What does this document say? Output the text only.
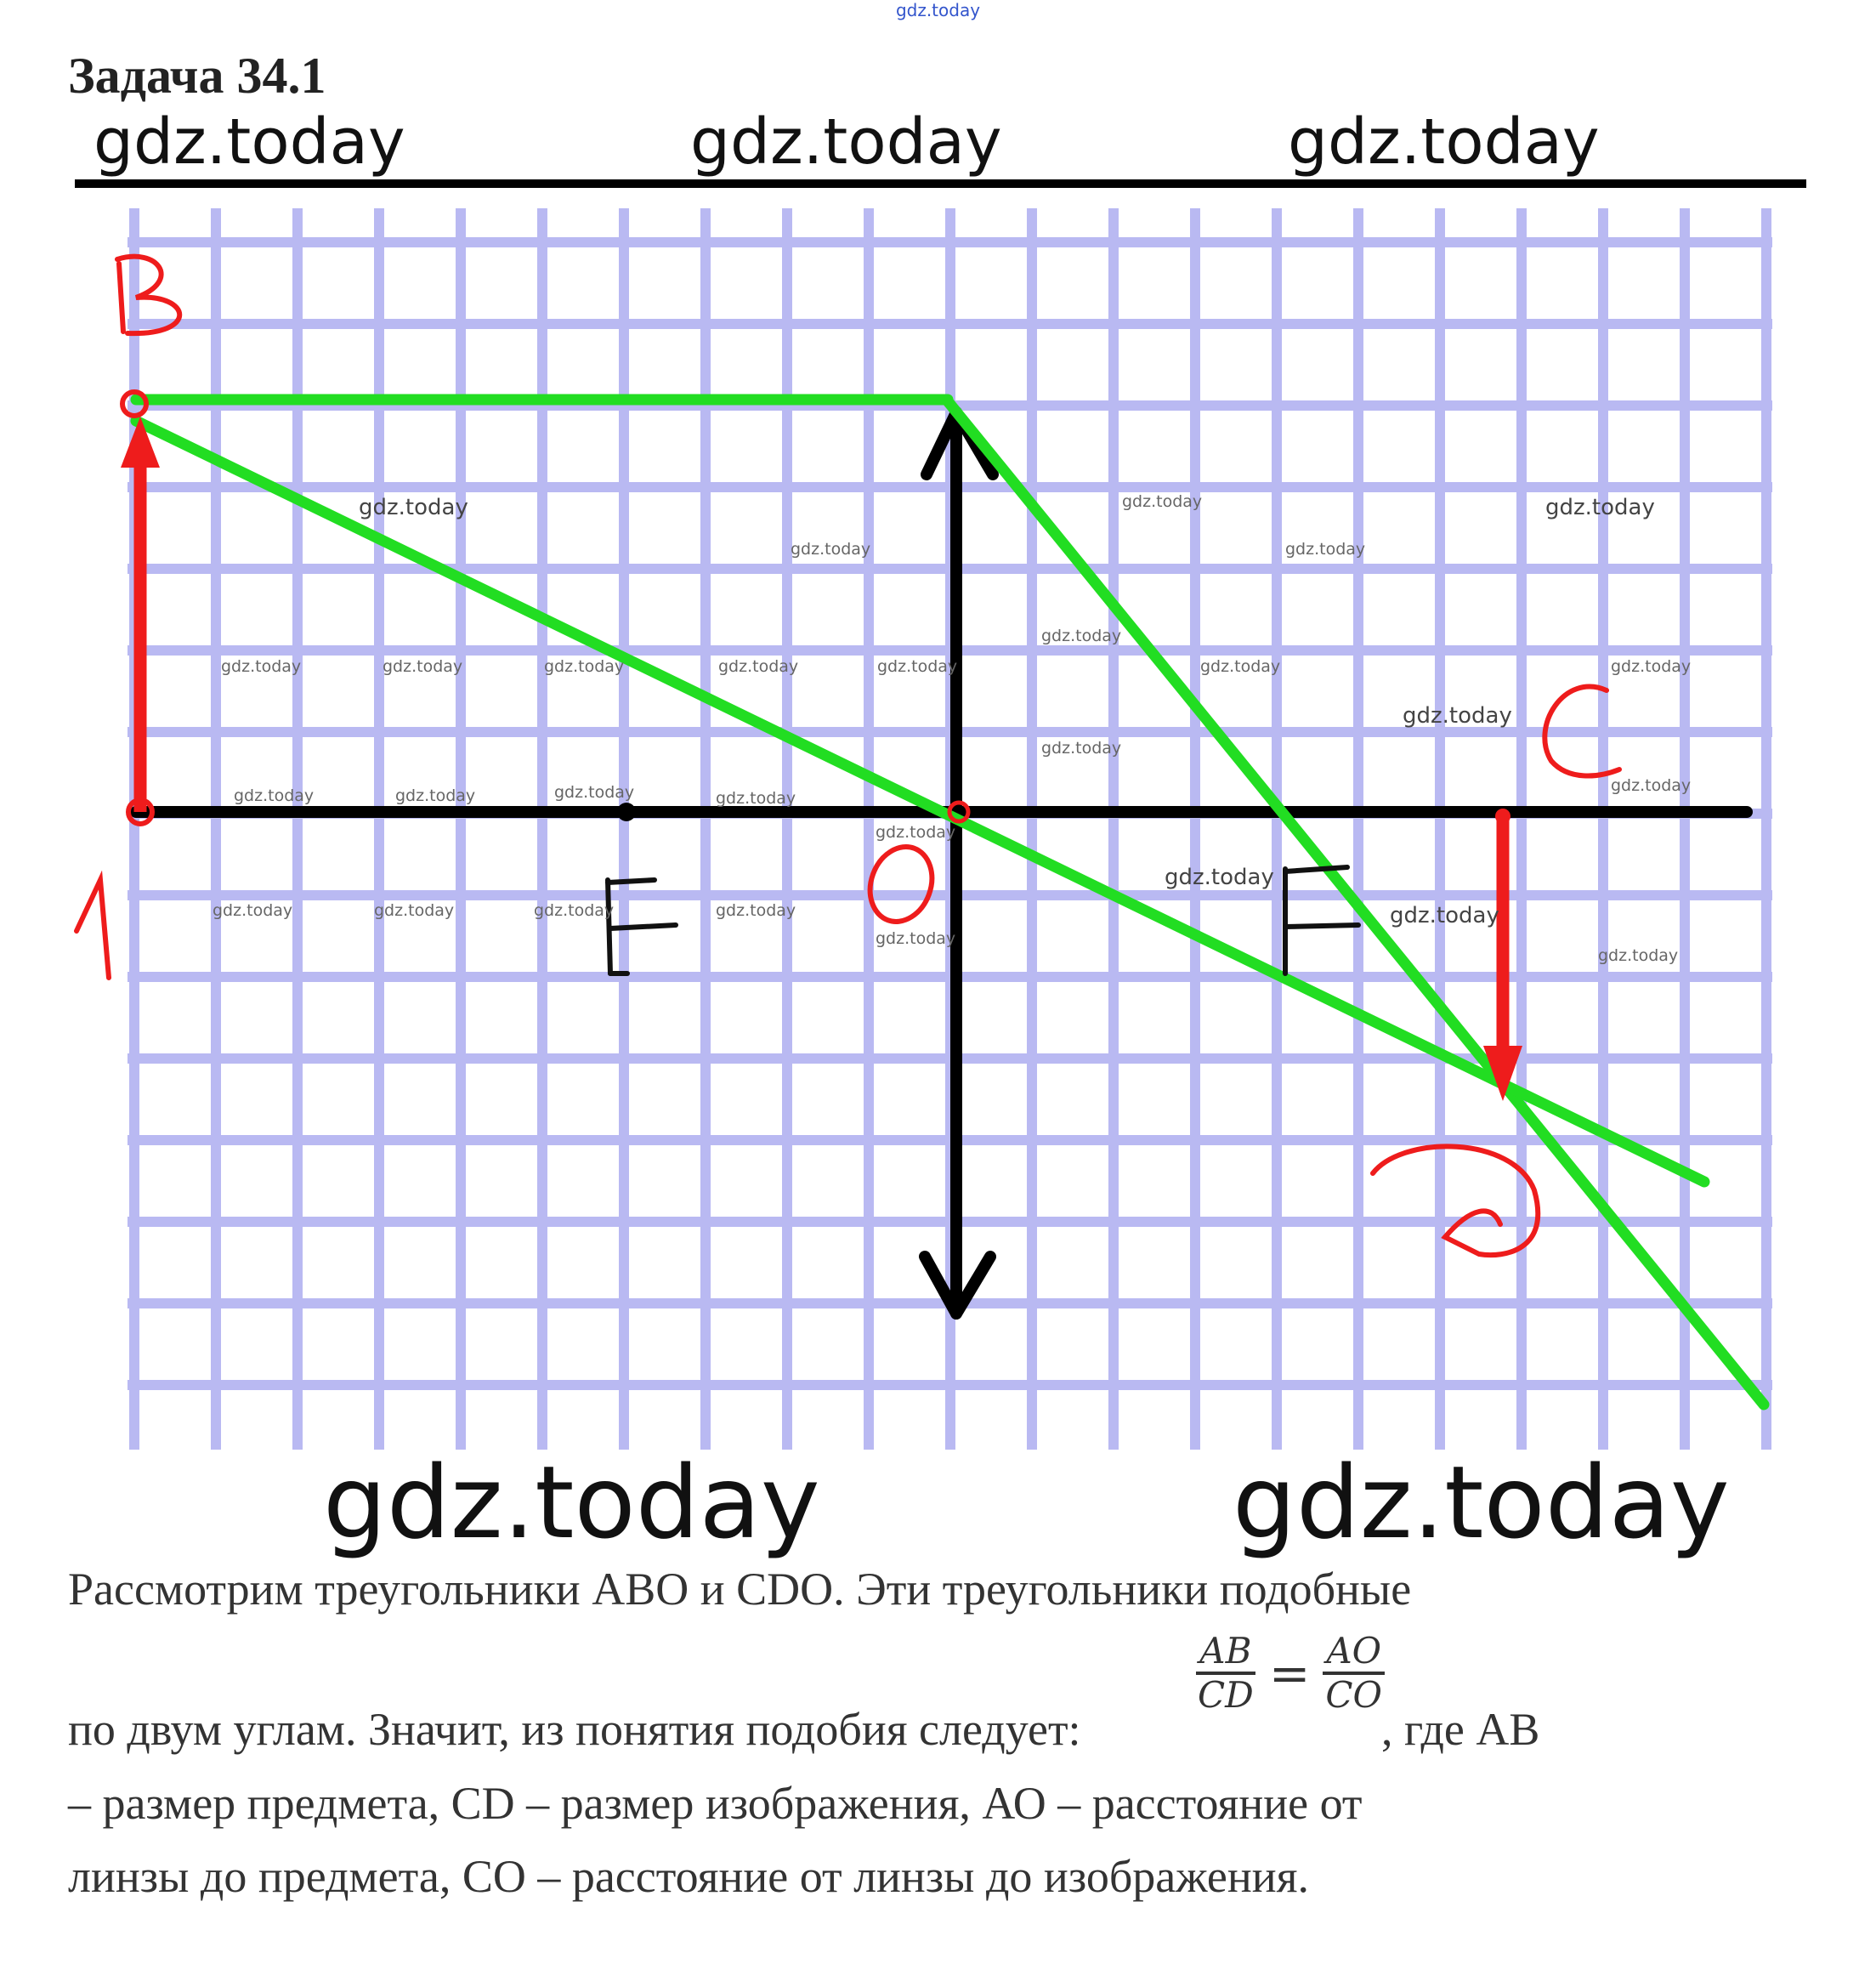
gdz.today
Задача 34.1
gdz.today	gdz.today	gdz.today
gdz.today	gdz.today	gdz.today	gdz.today	gdz.today	gdz.today	gdz.today
gdz.today	gdz.today	gdz.today	gdz.today
gdz.today
gdz.today
gdz.today	gdz.today	gdz.today	gdz.today
gdz.today
gdz.today
gdz.today
gdz.today
gdz.today
gdz.today
gdz.today
gdz.today	gdz.today
gdz.today
gdz.today
gdz.today
gdz.today	gdz.today
Рассмотрим треугольники АВО и СDО. Эти треугольники подобные
$\frac{AB}{CD} = \frac{AO}{CO}$
по двум углам. Значит, из понятия подобия следует:	, где АВ
– размер предмета, СD – размер изображения, АО – расстояние от
линзы до предмета, СО – расстояние от линзы до изображения.
